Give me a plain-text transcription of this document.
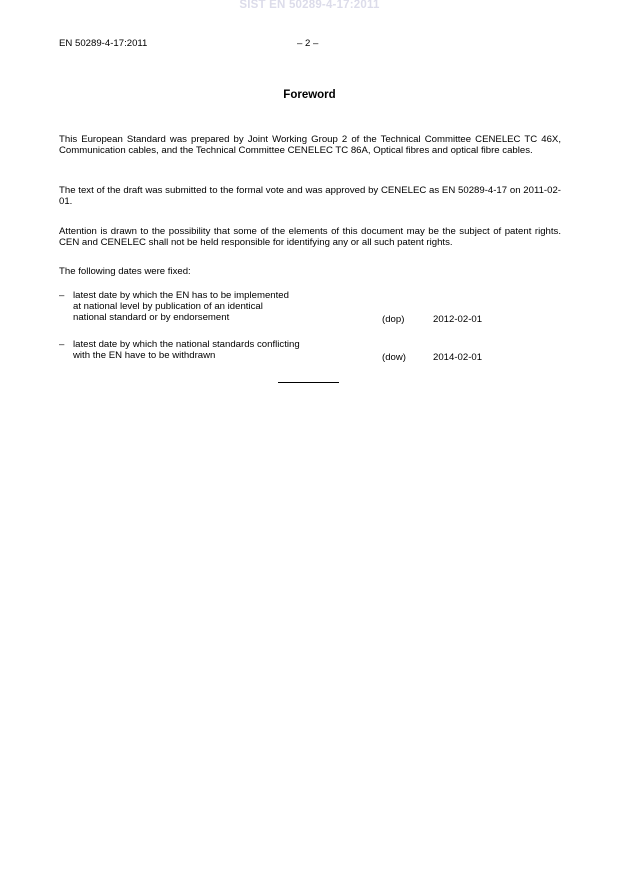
SIST EN 50289-4-17:2011
EN 50289-4-17:2011	– 2 –
Foreword

This European Standard was prepared by Joint Working Group 2 of the Technical Committee CENELEC TC 46X, Communication cables, and the Technical Committee CENELEC TC 86A, Optical fibres and optical fibre cables.

The text of the draft was submitted to the formal vote and was approved by CENELEC as EN 50289-4-17 on 2011-02-01.

Attention is drawn to the possibility that some of the elements of this document may be the subject of patent rights. CEN and CENELEC shall not be held responsible for identifying any or all such patent rights.

The following dates were fixed:

– latest date by which the EN has to be implemented
at national level by publication of an identical
national standard or by endorsement	(dop)	2012-02-01
– latest date by which the national standards conflicting
with the EN have to be withdrawn	(dow)	2014-02-01
